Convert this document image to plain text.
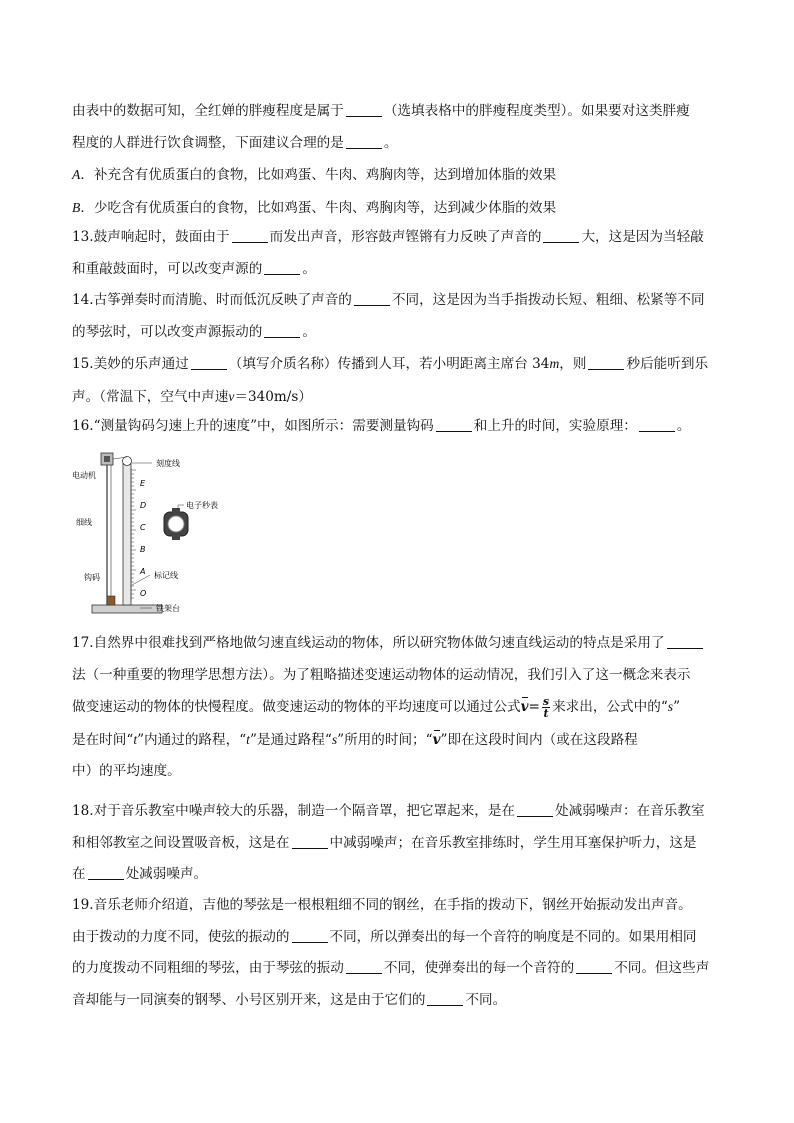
由表中的数据可知，全红婵的胖瘦程度是属于	（选填表格中的胖瘦程度类型）。如果要对这类胖瘦
程度的人群进行饮食调整，下面建议合理的是	。
A．补充含有优质蛋白的食物，比如鸡蛋、牛肉、鸡胸肉等，达到增加体脂的效果
B．少吃含有优质蛋白的食物，比如鸡蛋、牛肉、鸡胸肉等，达到减少体脂的效果
13.鼓声响起时，鼓面由于	而发出声音，形容鼓声铿锵有力反映了声音的	大，这是因为当轻敲
和重敲鼓面时，可以改变声源的	。
14.古筝弹奏时而清脆、时而低沉反映了声音的	不同，这是因为当手指拨动长短、粗细、松紧等不同
的琴弦时，可以改变声源振动的	。
15.美妙的乐声通过	（填写介质名称）传播到人耳，若小明距离主席台 34m，则	秒后能听到乐
声。（常温下，空气中声速v＝340m/s）
16.“测量钩码匀速上升的速度”中，如图所示：需要测量钩码	和上升的时间，实验原理：	。
E
D
C
B
A
O
电动机
细线
钩码
刻度线
电子秒表
标记线
铁架台
17.自然界中很难找到严格地做匀速直线运动的物体，所以研究物体做匀速直线运动的特点是采用了
法（一种重要的物理学思想方法）。为了粗略描述变速运动物体的运动情况，我们引入了这一概念来表示
做变速运动的物体的快慢程度。做变速运动的物体的平均速度可以通过公式$v= \frac{s}{t}$ 来求出，公式中的“s”
是在时间“t”内通过的路程，“t”是通过路程“s”所用的时间；“v”即在这段时间内（或在这段路程
中）的平均速度。
18.对于音乐教室中噪声较大的乐器，制造一个隔音罩，把它罩起来，是在	处减弱噪声：在音乐教室
和相邻教室之间设置吸音板，这是在	中减弱噪声；在音乐教室排练时，学生用耳塞保护听力，这是
在	处减弱噪声。
19.音乐老师介绍道，吉他的琴弦是一根根粗细不同的钢丝，在手指的拨动下，钢丝开始振动发出声音。
由于拨动的力度不同，使弦的振动的	不同，所以弹奏出的每一个音符的响度是不同的。如果用相同
的力度拨动不同粗细的琴弦，由于琴弦的振动	不同，使弹奏出的每一个音符的	不同。但这些声
音却能与一同演奏的钢琴、小号区别开来，这是由于它们的	不同。
